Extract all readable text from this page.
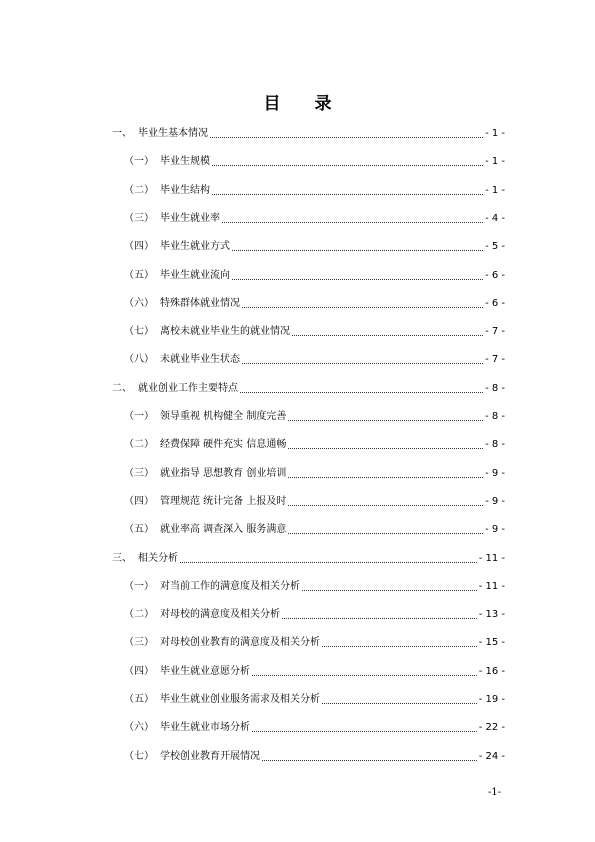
目 录
一、 毕业生基本情况	- 1 -
（一） 毕业生规模	- 1 -
（二） 毕业生结构	- 1 -
（三） 毕业生就业率	- 4 -
（四） 毕业生就业方式	- 5 -
（五） 毕业生就业流向	- 6 -
（六） 特殊群体就业情况	- 6 -
（七） 离校未就业毕业生的就业情况	- 7 -
（八） 未就业毕业生状态	- 7 -
二、 就业创业工作主要特点	- 8 -
（一） 领导重视 机构健全 制度完善	- 8 -
（二） 经费保障 硬件充实 信息通畅	- 8 -
（三） 就业指导 思想教育 创业培训	- 9 -
（四） 管理规范 统计完备 上报及时	- 9 -
（五） 就业率高 调查深入 服务满意	- 9 -
三、 相关分析	- 11 -
（一） 对当前工作的满意度及相关分析	- 11 -
（二） 对母校的满意度及相关分析	- 13 -
（三） 对母校创业教育的满意度及相关分析	- 15 -
（四） 毕业生就业意愿分析	- 16 -
（五） 毕业生就业创业服务需求及相关分析	- 19 -
（六） 毕业生就业市场分析	- 22 -
（七） 学校创业教育开展情况	- 24 -
-1-
